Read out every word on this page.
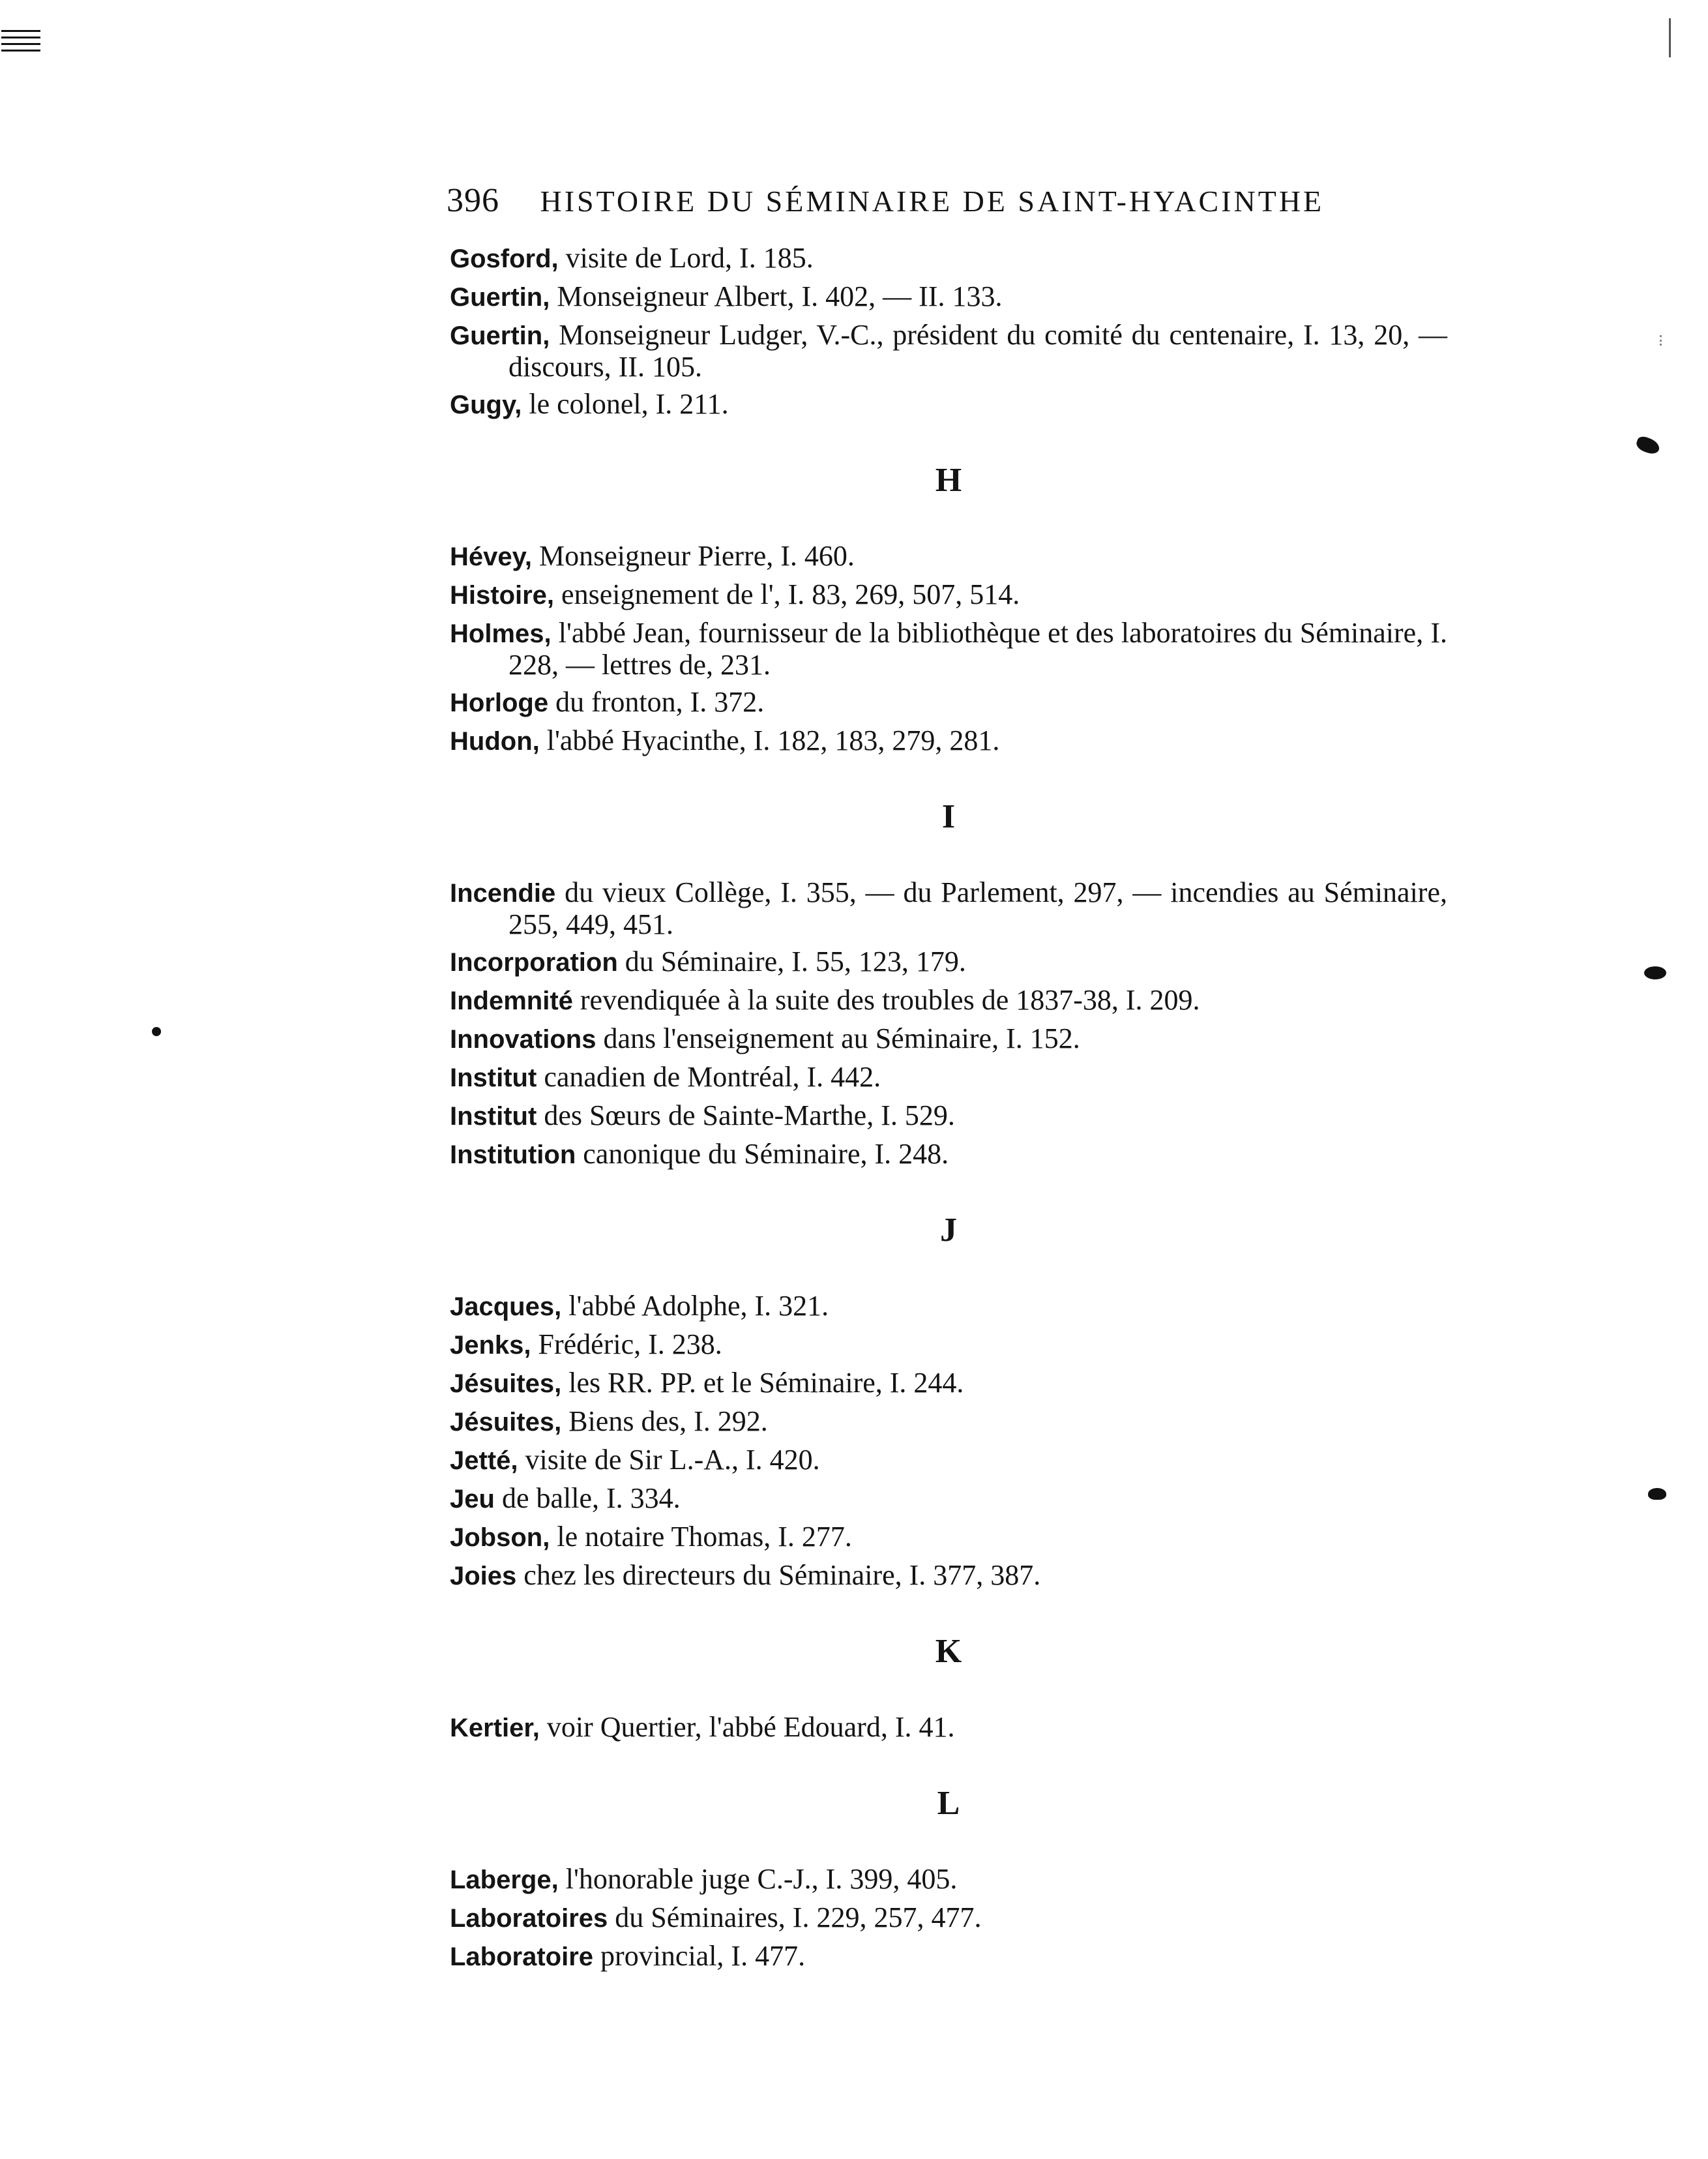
396 HISTOIRE DU SÉMINAIRE DE SAINT-HYACINTHE

Gosford, visite de Lord, I. 185.

Guertin, Monseigneur Albert, I. 402, — II. 133.

Guertin, Monseigneur Ludger, V.-C., président du comité du centenaire, I. 13, 20, — discours, II. 105.

Gugy, le colonel, I. 211.

H

Hévey, Monseigneur Pierre, I. 460.

Histoire, enseignement de l', I. 83, 269, 507, 514.

Holmes, l'abbé Jean, fournisseur de la bibliothèque et des laboratoires du Séminaire, I. 228, — lettres de, 231.

Horloge du fronton, I. 372.

Hudon, l'abbé Hyacinthe, I. 182, 183, 279, 281.

I

Incendie du vieux Collège, I. 355, — du Parlement, 297, — incendies au Séminaire, 255, 449, 451.

Incorporation du Séminaire, I. 55, 123, 179.

Indemnité revendiquée à la suite des troubles de 1837-38, I. 209.

Innovations dans l'enseignement au Séminaire, I. 152.

Institut canadien de Montréal, I. 442.

Institut des Sœurs de Sainte-Marthe, I. 529.

Institution canonique du Séminaire, I. 248.

J

Jacques, l'abbé Adolphe, I. 321.

Jenks, Frédéric, I. 238.

Jésuites, les RR. PP. et le Séminaire, I. 244.

Jésuites, Biens des, I. 292.

Jetté, visite de Sir L.-A., I. 420.

Jeu de balle, I. 334.

Jobson, le notaire Thomas, I. 277.

Joies chez les directeurs du Séminaire, I. 377, 387.

K

Kertier, voir Quertier, l'abbé Edouard, I. 41.

L

Laberge, l'honorable juge C.-J., I. 399, 405.

Laboratoires du Séminaires, I. 229, 257, 477.

Laboratoire provincial, I. 477.
